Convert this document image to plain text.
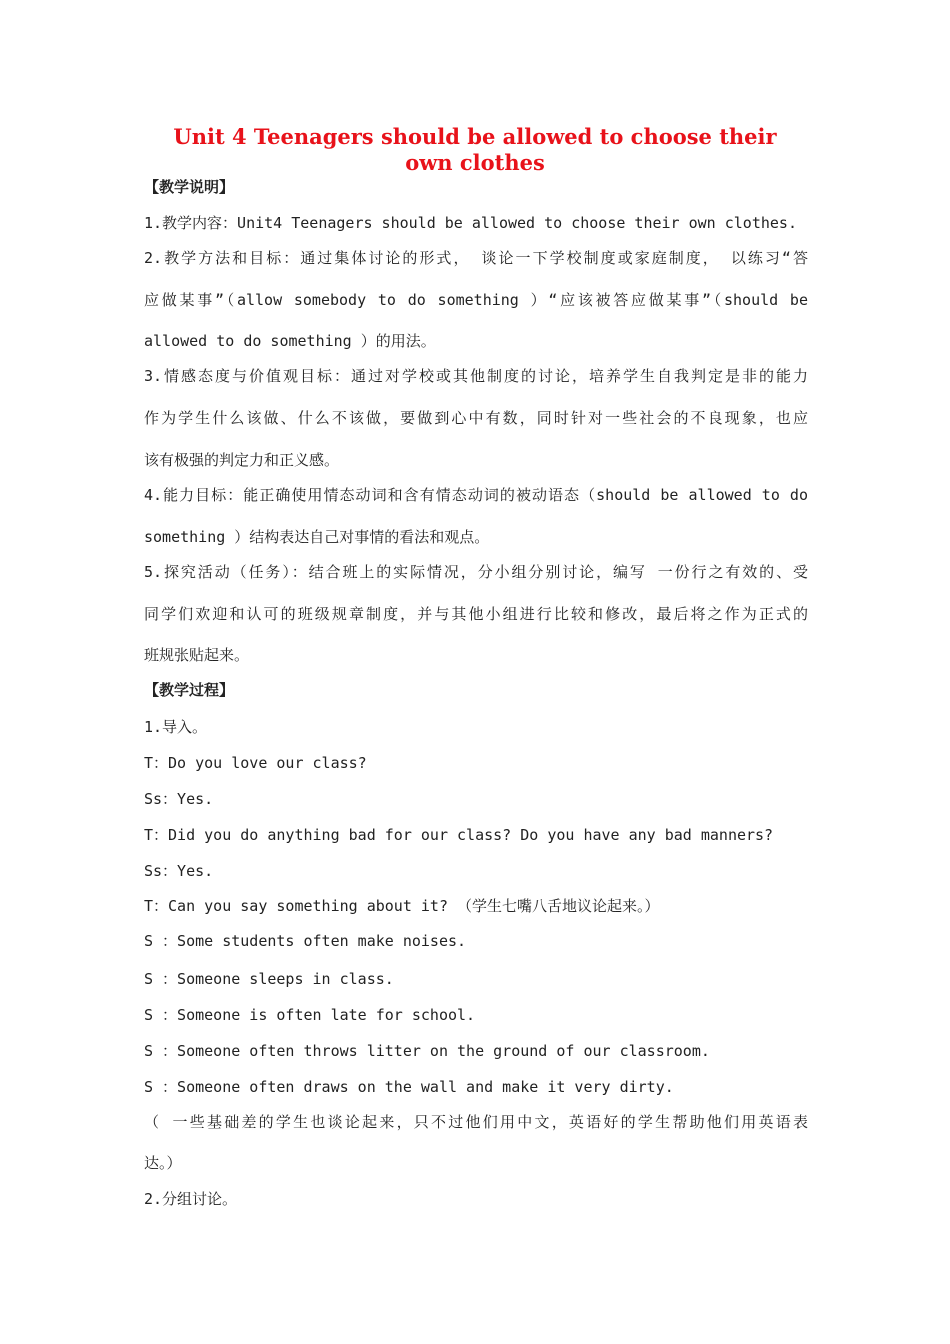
Unit 4 Teenagers should be allowed to choose their own clothes
【教学说明】
1.教学内容：Unit4 Teenagers should be allowed to choose their own clothes.
2.教学方法和目标：通过集体讨论的形式， 谈论一下学校制度或家庭制度， 以练习“答
应做某事”（allow somebody to do something ）“应该被答应做某事”（should be
allowed to do something ）的用法。
3.情感态度与价值观目标：通过对学校或其他制度的讨论，培养学生自我判定是非的能力
作为学生什么该做、什么不该做，要做到心中有数，同时针对一些社会的不良现象，也应
该有极强的判定力和正义感。
4.能力目标：能正确使用情态动词和含有情态动词的被动语态（should be allowed to do
something ）结构表达自己对事情的看法和观点。
5.探究活动（任务）：结合班上的实际情况，分小组分别讨论，编写 一份行之有效的、受
同学们欢迎和认可的班级规章制度，并与其他小组进行比较和修改，最后将之作为正式的
班规张贴起来。
【教学过程】
1.导入。
T：Do you love our class?
Ss：Yes.
T：Did you do anything bad for our class? Do you have any bad manners?
Ss：Yes.
T：Can you say something about it? （学生七嘴八舌地议论起来。）
S ：Some students often make noises.
S ：Someone sleeps in class.
S ：Someone is often late for school.
S ：Someone often throws litter on the ground of our classroom.
S ：Someone often draws on the wall and make it very dirty.
（ 一些基础差的学生也谈论起来，只不过他们用中文，英语好的学生帮助他们用英语表
达。）
2.分组讨论。
